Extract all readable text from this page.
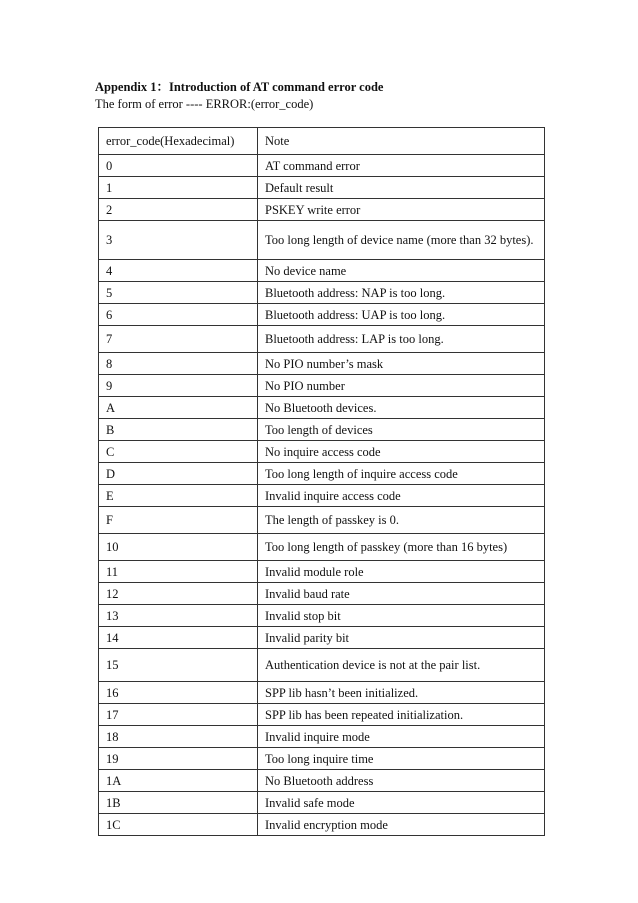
Appendix 1：Introduction of AT command error code
The form of error ---- ERROR:(error_code)
error_code(Hexadecimal)	Note
0	AT command error
1	Default result
2	PSKEY write error
3	Too long length of device name (more than 32 bytes).
4	No device name
5	Bluetooth address: NAP is too long.
6	Bluetooth address: UAP is too long.
7	Bluetooth address: LAP is too long.
8	No PIO number’s mask
9	No PIO number
A	No Bluetooth devices.
B	Too length of devices
C	No inquire access code
D	Too long length of inquire access code
E	Invalid inquire access code
F	The length of passkey is 0.
10	Too long length of passkey (more than 16 bytes)
11	Invalid module role
12	Invalid baud rate
13	Invalid stop bit
14	Invalid parity bit
15	Authentication device is not at the pair list.
16	SPP lib hasn’t been initialized.
17	SPP lib has been repeated initialization.
18	Invalid inquire mode
19	Too long inquire time
1A	No Bluetooth address
1B	Invalid safe mode
1C	Invalid encryption mode
